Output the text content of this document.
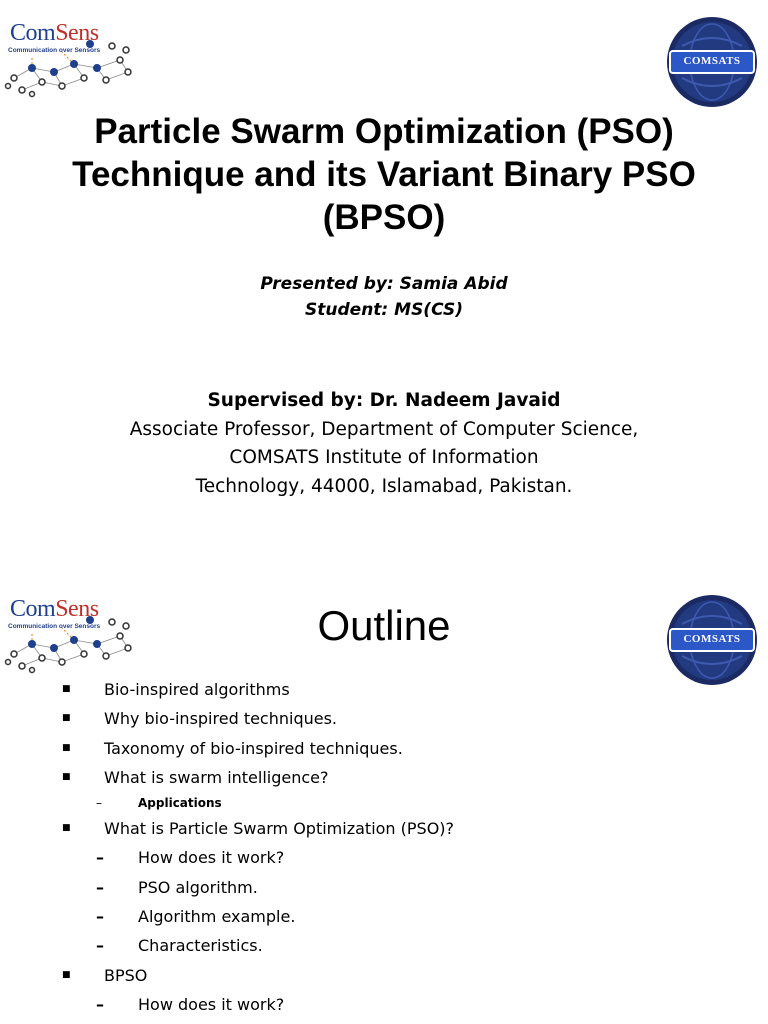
ComSens
Communication over Sensors
COMSATS
Particle Swarm Optimization (PSO) Technique and its Variant Binary PSO (BPSO)
Presented by: Samia Abid
Student: MS(CS)
Supervised by: Dr. Nadeem Javaid
Associate Professor, Department of Computer Science,
COMSATS Institute of Information
Technology, 44000, Islamabad, Pakistan.
ComSens
Communication over Sensors
COMSATS
Outline
■ Bio-inspired algorithms
■ Why bio-inspired techniques.
■ Taxonomy of bio-inspired techniques.
■ What is swarm intelligence?
–	Applications
■ What is Particle Swarm Optimization (PSO)?
– How does it work?
– PSO algorithm.
– Algorithm example.
– Characteristics.
■ BPSO
– How does it work?
